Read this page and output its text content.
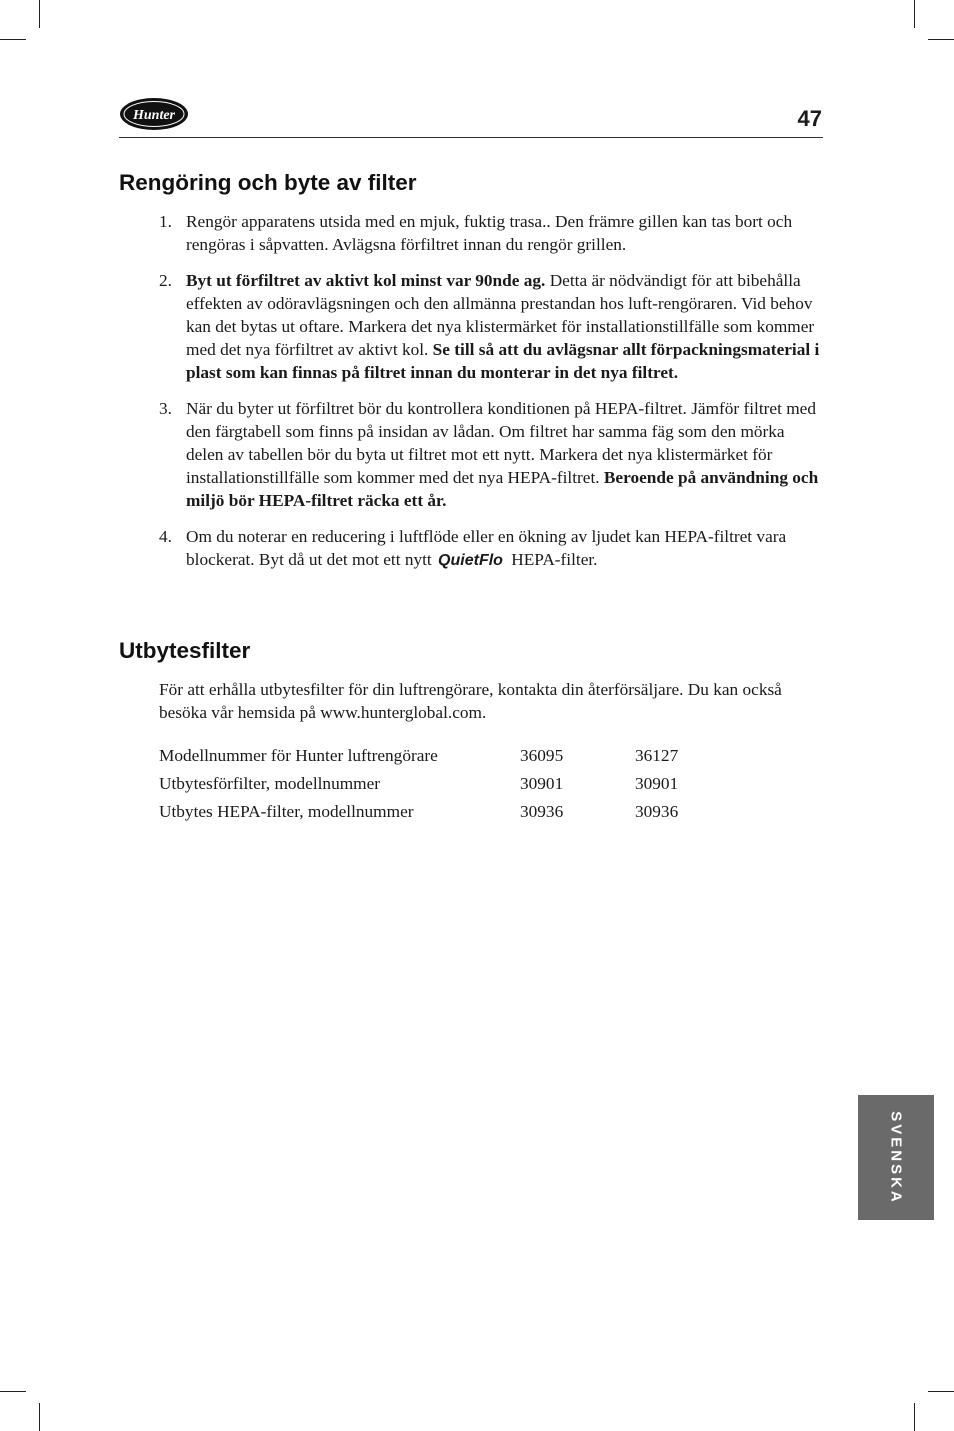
Hunter	47
Rengöring och byte av filter
1. Rengör apparatens utsida med en mjuk, fuktig trasa.. Den främre gillen kan tas bort och rengöras i såpvatten. Avlägsna förfiltret innan du rengör grillen.
2. Byt ut förfiltret av aktivt kol minst var 90nde ag. Detta är nödvändigt för att bibehålla effekten av odöravlägsningen och den allmänna prestandan hos luft-rengöraren. Vid behov kan det bytas ut oftare. Markera det nya klistermärket för installationstillfälle som kommer med det nya förfiltret av aktivt kol. Se till så att du avlägsnar allt förpackningsmaterial i plast som kan finnas på filtret innan du monterar in det nya filtret.
3. När du byter ut förfiltret bör du kontrollera konditionen på HEPA-filtret. Jämför filtret med den färgtabell som finns på insidan av lådan. Om filtret har samma fäg som den mörka delen av tabellen bör du byta ut filtret mot ett nytt. Markera det nya klistermärket för installationstillfälle som kommer med det nya HEPA-filtret. Beroende på användning och miljö bör HEPA-filtret räcka ett år.
4. Om du noterar en reducering i luftflöde eller en ökning av ljudet kan HEPA-filtret vara blockerat. Byt då ut det mot ett nytt QuietFlo HEPA-filter.
Utbytesfilter

För att erhålla utbytesfilter för din luftrengörare, kontakta din återförsäljare. Du kan också besöka vår hemsida på www.hunterglobal.com.

Modellnummer för Hunter luftrengörare	36095	36127
Utbytesförfilter, modellnummer	30901	30901
Utbytes HEPA-filter, modellnummer	30936	30936
SVENSKA
